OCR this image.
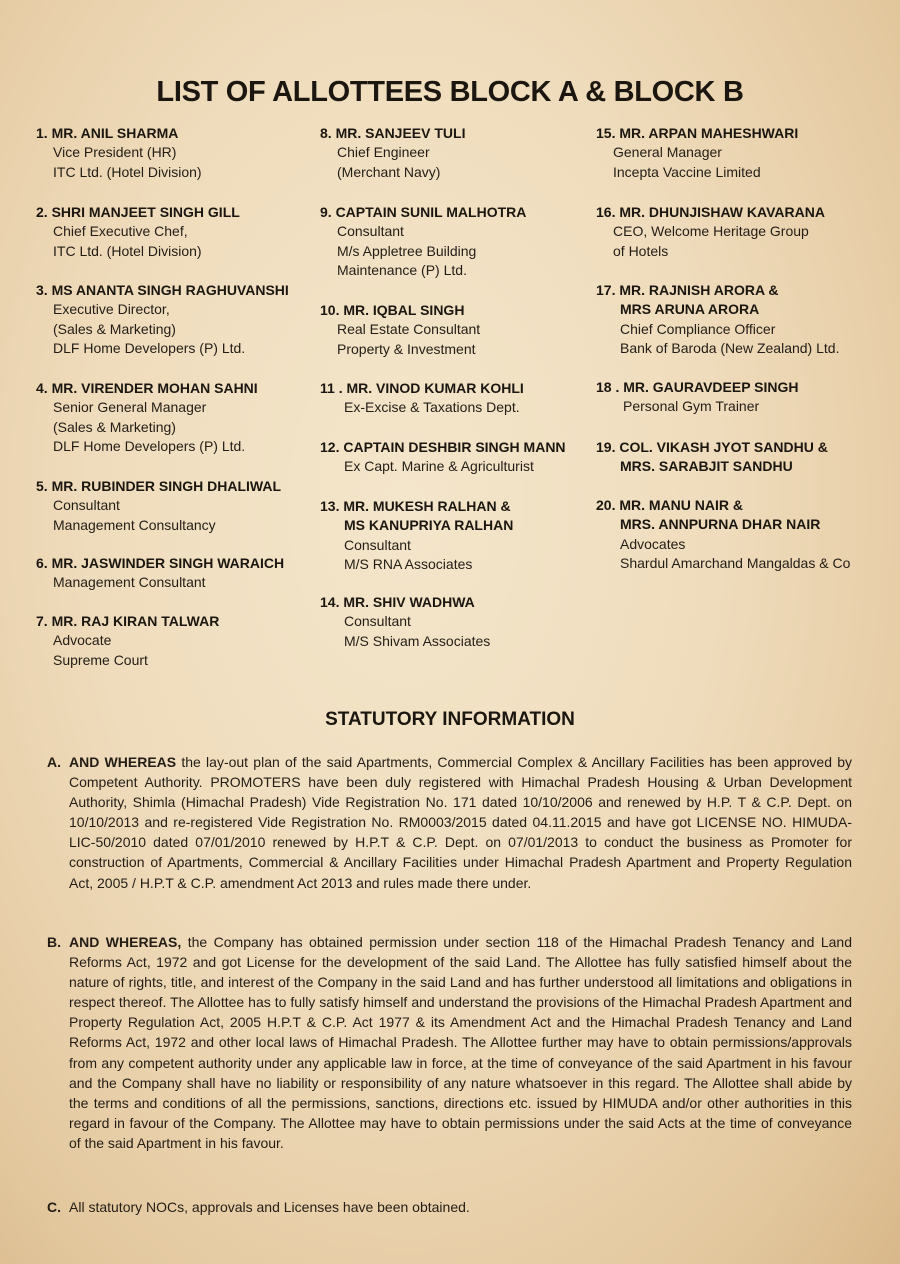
LIST OF ALLOTTEES BLOCK A & BLOCK B
1. MR. ANIL SHARMA
Vice President (HR)
ITC Ltd. (Hotel Division)
2. SHRI MANJEET SINGH GILL
Chief Executive Chef,
ITC Ltd. (Hotel Division)
3. MS ANANTA SINGH RAGHUVANSHI
Executive Director,
(Sales & Marketing)
DLF Home Developers (P) Ltd.
4. MR. VIRENDER MOHAN SAHNI
Senior General Manager
(Sales & Marketing)
DLF Home Developers (P) Ltd.
5. MR. RUBINDER SINGH DHALIWAL
Consultant
Management Consultancy
6. MR. JASWINDER SINGH WARAICH
Management Consultant
7. MR. RAJ KIRAN TALWAR
Advocate
Supreme Court
8. MR. SANJEEV TULI
Chief Engineer
(Merchant Navy)
9. CAPTAIN SUNIL MALHOTRA
Consultant
M/s Appletree Building
Maintenance (P) Ltd.
10. MR. IQBAL SINGH
Real Estate Consultant
Property & Investment
11 . MR. VINOD KUMAR KOHLI
Ex-Excise & Taxations Dept.
12. CAPTAIN DESHBIR SINGH MANN
Ex Capt. Marine & Agriculturist
13. MR. MUKESH RALHAN &
MS KANUPRIYA RALHAN
Consultant
M/S RNA Associates
14. MR. SHIV WADHWA
Consultant
M/S Shivam Associates
15. MR. ARPAN MAHESHWARI
General Manager
Incepta Vaccine Limited
16. MR. DHUNJISHAW KAVARANA
CEO, Welcome Heritage Group
of Hotels
17. MR. RAJNISH ARORA &
MRS ARUNA ARORA
Chief Compliance Officer
Bank of Baroda (New Zealand) Ltd.
18 . MR. GAURAVDEEP SINGH
Personal Gym Trainer
19. COL. VIKASH JYOT SANDHU &
MRS. SARABJIT SANDHU
20. MR. MANU NAIR &
MRS. ANNPURNA DHAR NAIR
Advocates
Shardul Amarchand Mangaldas & Co
STATUTORY INFORMATION
A. AND WHEREAS the lay-out plan of the said Apartments, Commercial Complex & Ancillary Facilities has been approved by Competent Authority. PROMOTERS have been duly registered with Himachal Pradesh Housing & Urban Development Authority, Shimla (Himachal Pradesh) Vide Registration No. 171 dated 10/10/2006 and renewed by H.P. T & C.P. Dept. on 10/10/2013 and re-registered Vide Registration No. RM0003/2015 dated 04.11.2015 and have got LICENSE NO. HIMUDA-LIC-50/2010 dated 07/01/2010 renewed by H.P.T & C.P. Dept. on 07/01/2013 to conduct the business as Promoter for construction of Apartments, Commercial & Ancillary Facilities under Himachal Pradesh Apartment and Property Regulation Act, 2005 / H.P.T & C.P. amendment Act 2013 and rules made there under.
B. AND WHEREAS, the Company has obtained permission under section 118 of the Himachal Pradesh Tenancy and Land Reforms Act, 1972 and got License for the development of the said Land. The Allottee has fully satisfied himself about the nature of rights, title, and interest of the Company in the said Land and has further understood all limitations and obligations in respect thereof. The Allottee has to fully satisfy himself and understand the provisions of the Himachal Pradesh Apartment and Property Regulation Act, 2005 H.P.T & C.P. Act 1977 & its Amendment Act and the Himachal Pradesh Tenancy and Land Reforms Act, 1972 and other local laws of Himachal Pradesh. The Allottee further may have to obtain permissions/approvals from any competent authority under any applicable law in force, at the time of conveyance of the said Apartment in his favour and the Company shall have no liability or responsibility of any nature whatsoever in this regard. The Allottee shall abide by the terms and conditions of all the permissions, sanctions, directions etc. issued by HIMUDA and/or other authorities in this regard in favour of the Company. The Allottee may have to obtain permissions under the said Acts at the time of conveyance of the said Apartment in his favour.
C. All statutory NOCs, approvals and Licenses have been obtained.
